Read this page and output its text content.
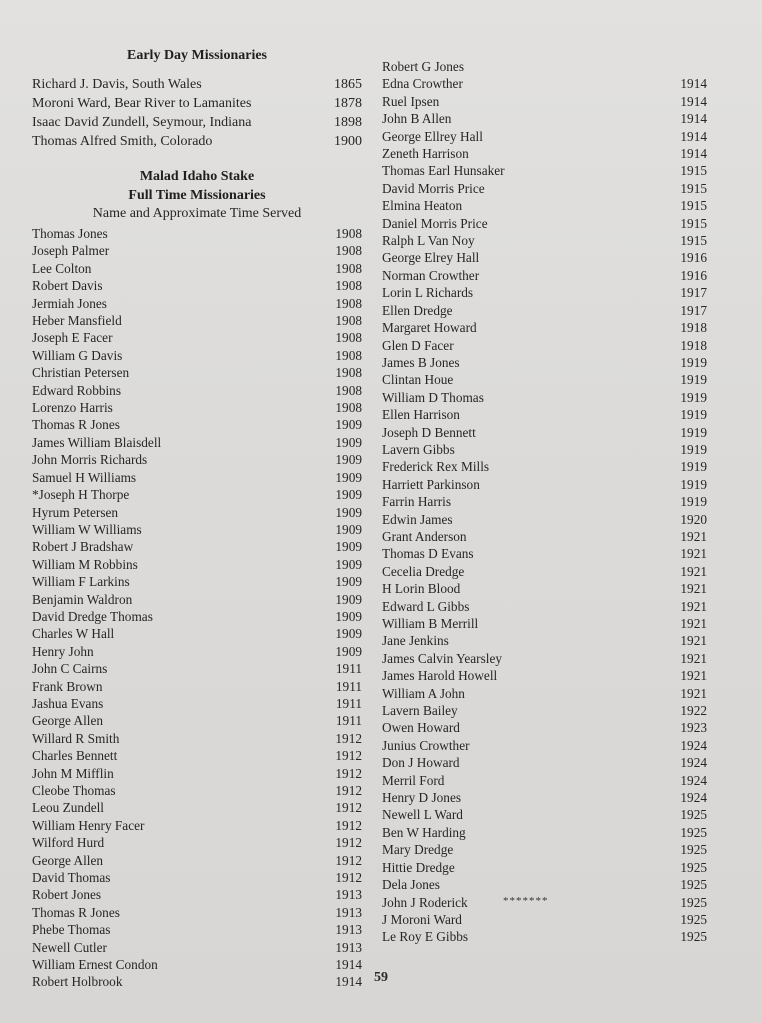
Early Day Missionaries
Richard J. Davis, South Wales	1865
Moroni Ward, Bear River to Lamanites	1878
Isaac David Zundell, Seymour, Indiana	1898
Thomas Alfred Smith, Colorado	1900
Malad Idaho Stake
Full Time Missionaries
Name and Approximate Time Served
Thomas Jones	1908
Joseph Palmer	1908
Lee Colton	1908
Robert Davis	1908
Jermiah Jones	1908
Heber Mansfield	1908
Joseph E Facer	1908
William G Davis	1908
Christian Petersen	1908
Edward Robbins	1908
Lorenzo Harris	1908
Thomas R Jones	1909
James William Blaisdell	1909
John Morris Richards	1909
Samuel H Williams	1909
*Joseph H Thorpe	1909
Hyrum Petersen	1909
William W Williams	1909
Robert J Bradshaw	1909
William M Robbins	1909
William F Larkins	1909
Benjamin Waldron	1909
David Dredge Thomas	1909
Charles W Hall	1909
Henry John	1909
John C Cairns	1911
Frank Brown	1911
Jashua Evans	1911
George Allen	1911
Willard R Smith	1912
Charles Bennett	1912
John M Mifflin	1912
Cleobe Thomas	1912
Leou Zundell	1912
William Henry Facer	1912
Wilford Hurd	1912
George Allen	1912
David Thomas	1912
Robert Jones	1913
Thomas R Jones	1913
Phebe Thomas	1913
Newell Cutler	1913
William Ernest Condon	1914
Robert Holbrook	1914
Robert G Jones
Edna Crowther	1914
Ruel Ipsen	1914
John B Allen	1914
George Ellrey Hall	1914
Zeneth Harrison	1914
Thomas Earl Hunsaker	1915
David Morris Price	1915
Elmina Heaton	1915
Daniel Morris Price	1915
Ralph L Van Noy	1915
George Elrey Hall	1916
Norman Crowther	1916
Lorin L Richards	1917
Ellen Dredge	1917
Margaret Howard	1918
Glen D Facer	1918
James B Jones	1919
Clintan Houe	1919
William D Thomas	1919
Ellen Harrison	1919
Joseph D Bennett	1919
Lavern Gibbs	1919
Frederick Rex Mills	1919
Harriett Parkinson	1919
Farrin Harris	1919
Edwin James	1920
Grant Anderson	1921
Thomas D Evans	1921
Cecelia Dredge	1921
H Lorin Blood	1921
Edward L Gibbs	1921
William B Merrill	1921
Jane Jenkins	1921
James Calvin Yearsley	1921
James Harold Howell	1921
William A John	1921
Lavern Bailey	1922
Owen Howard	1923
Junius Crowther	1924
Don J Howard	1924
Merril Ford	1924
Henry D Jones	1924
Newell L Ward	1925
Ben W Harding	1925
Mary Dredge	1925
Hittie Dredge	1925
Dela Jones	1925
John J Roderick	1925
J Moroni Ward	1925
Le Roy E Gibbs	1925
*******
59
